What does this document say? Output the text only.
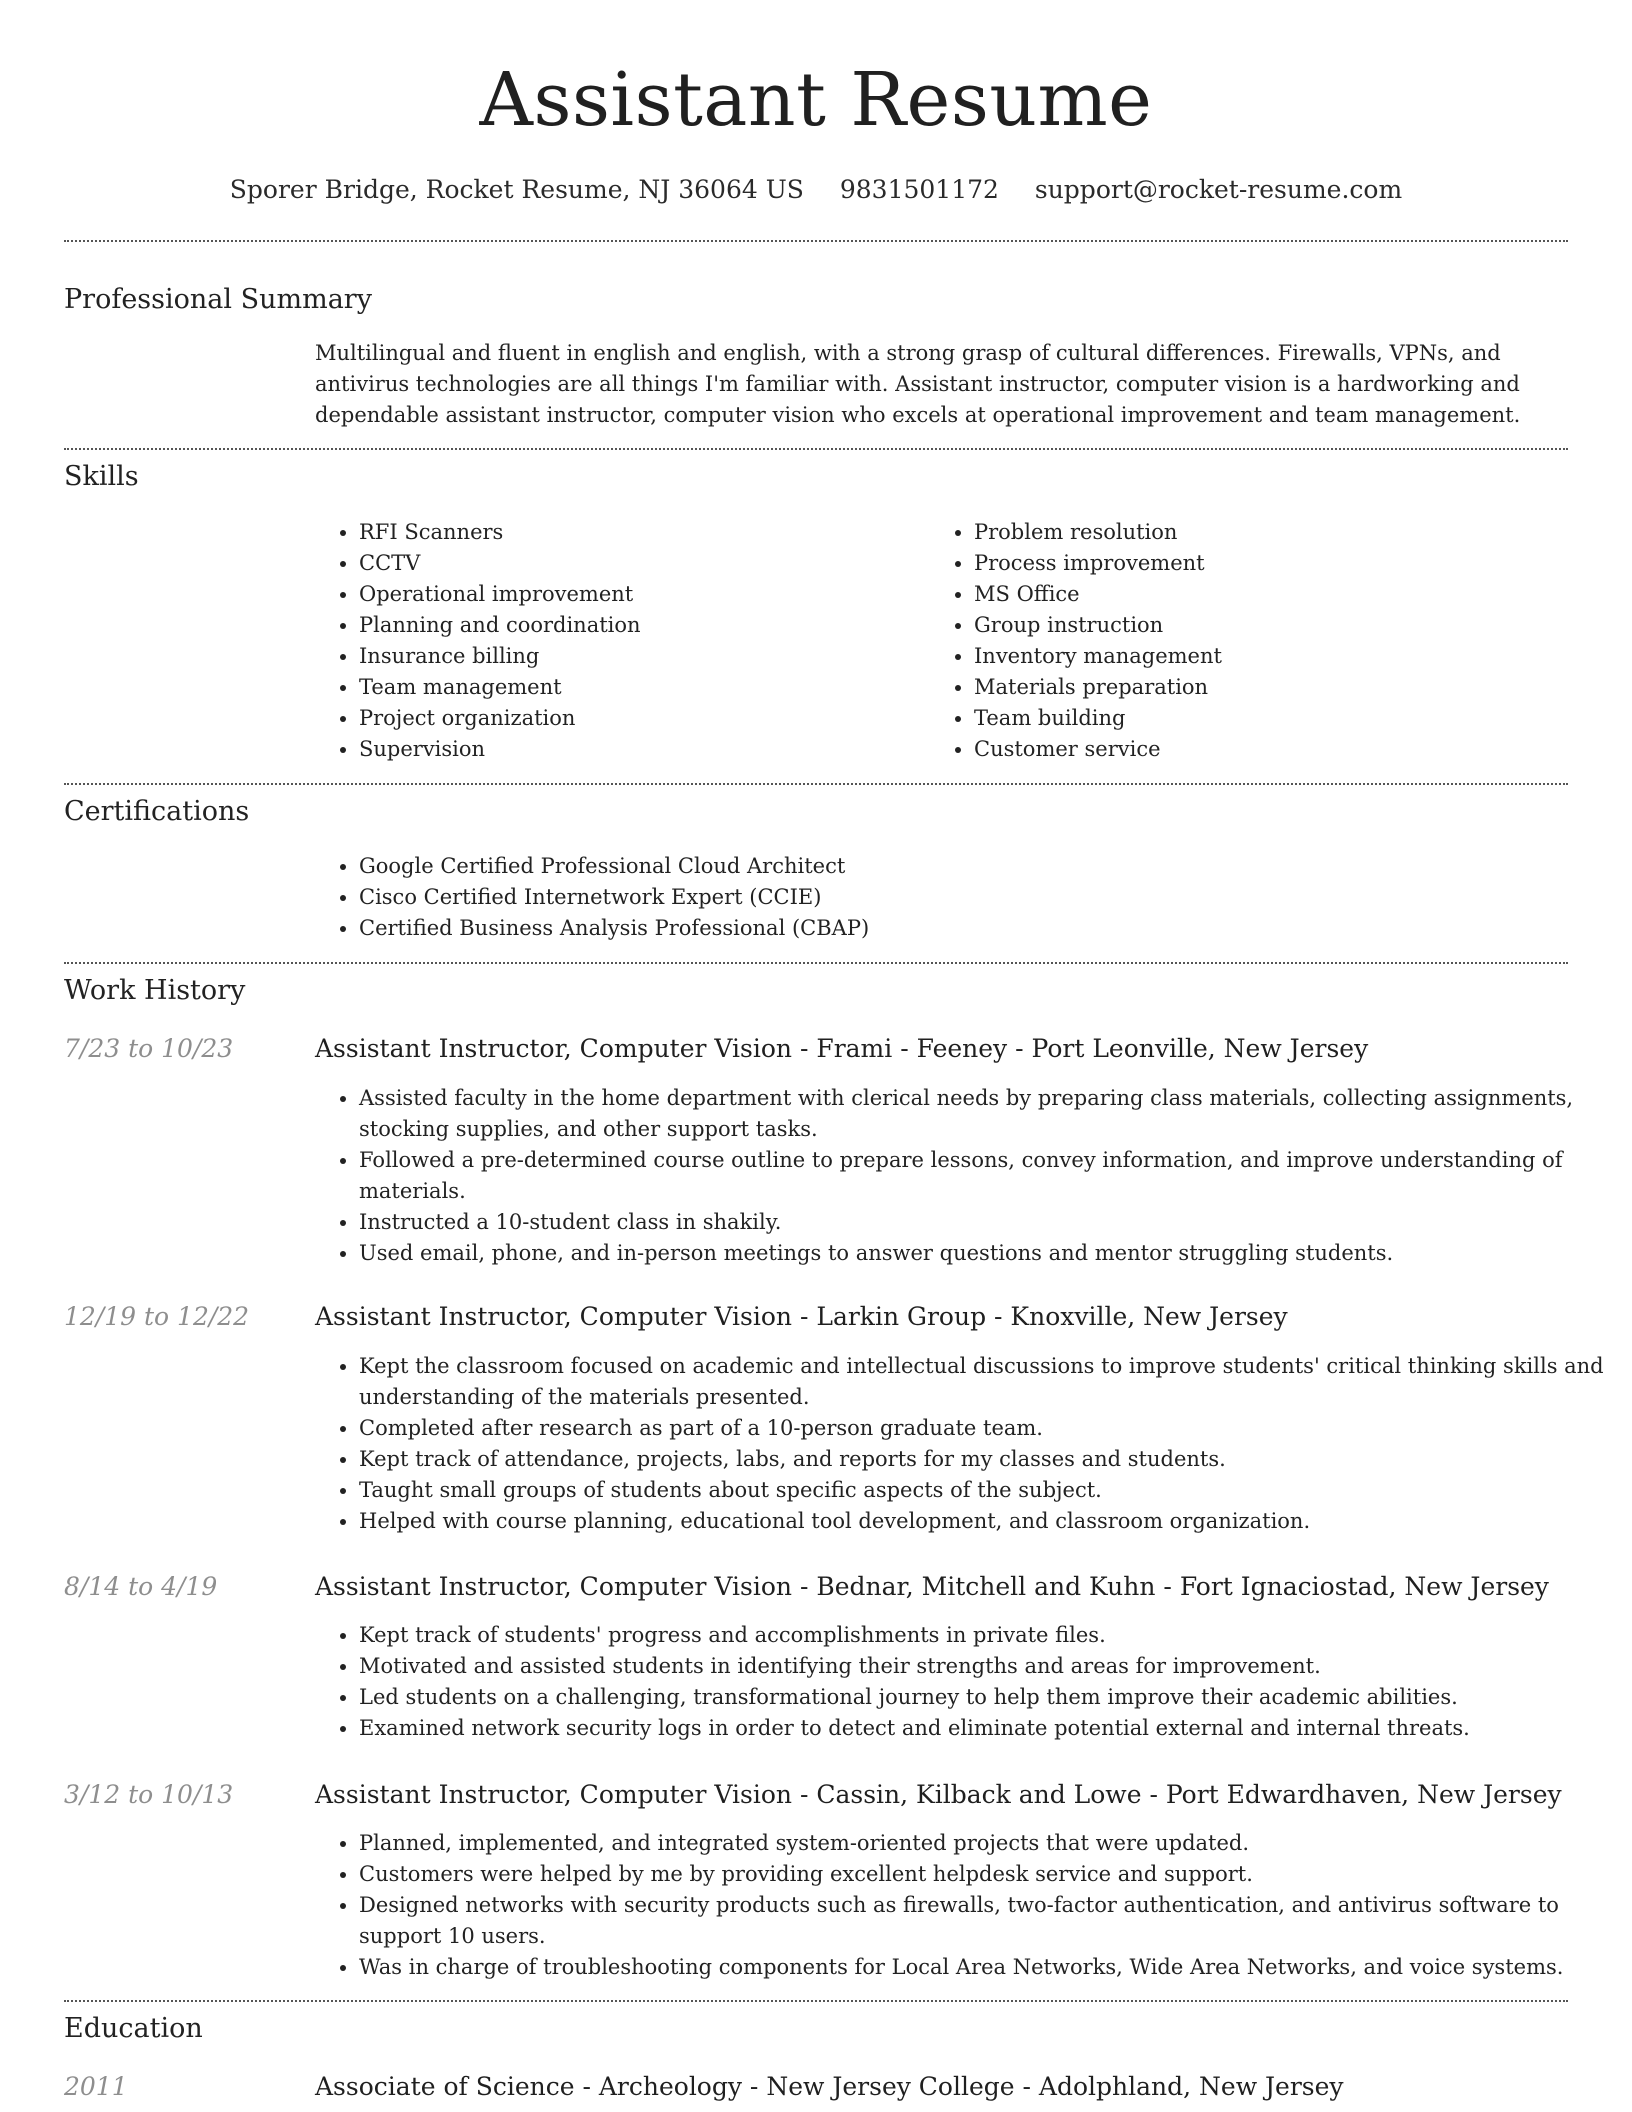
Assistant Resume
Sporer Bridge, Rocket Resume, NJ 36064 US 9831501172 support@rocket-resume.com
Professional Summary
Multilingual and fluent in english and english, with a strong grasp of cultural differences. Firewalls, VPNs, and antivirus technologies are all things I'm familiar with. Assistant instructor, computer vision is a hardworking and dependable assistant instructor, computer vision who excels at operational improvement and team management.
Skills
• RFI Scanners
• CCTV
• Operational improvement
• Planning and coordination
• Insurance billing
• Team management
• Project organization
• Supervision
• Problem resolution
• Process improvement
• MS Office
• Group instruction
• Inventory management
• Materials preparation
• Team building
• Customer service
Certifications
• Google Certified Professional Cloud Architect
• Cisco Certified Internetwork Expert (CCIE)
• Certified Business Analysis Professional (CBAP)
Work History
7/23 to 10/23	Assistant Instructor, Computer Vision - Frami - Feeney - Port Leonville, New Jersey
• Assisted faculty in the home department with clerical needs by preparing class materials, collecting assignments, stocking supplies, and other support tasks.
• Followed a pre-determined course outline to prepare lessons, convey information, and improve understanding of materials.
• Instructed a 10-student class in shakily.
• Used email, phone, and in-person meetings to answer questions and mentor struggling students.
12/19 to 12/22	Assistant Instructor, Computer Vision - Larkin Group - Knoxville, New Jersey
• Kept the classroom focused on academic and intellectual discussions to improve students' critical thinking skills and understanding of the materials presented.
• Completed after research as part of a 10-person graduate team.
• Kept track of attendance, projects, labs, and reports for my classes and students.
• Taught small groups of students about specific aspects of the subject.
• Helped with course planning, educational tool development, and classroom organization.
8/14 to 4/19	Assistant Instructor, Computer Vision - Bednar, Mitchell and Kuhn - Fort Ignaciostad, New Jersey
• Kept track of students' progress and accomplishments in private files.
• Motivated and assisted students in identifying their strengths and areas for improvement.
• Led students on a challenging, transformational journey to help them improve their academic abilities.
• Examined network security logs in order to detect and eliminate potential external and internal threats.
3/12 to 10/13	Assistant Instructor, Computer Vision - Cassin, Kilback and Lowe - Port Edwardhaven, New Jersey
• Planned, implemented, and integrated system-oriented projects that were updated.
• Customers were helped by me by providing excellent helpdesk service and support.
• Designed networks with security products such as firewalls, two-factor authentication, and antivirus software to support 10 users.
• Was in charge of troubleshooting components for Local Area Networks, Wide Area Networks, and voice systems.
Education
2011	Associate of Science - Archeology - New Jersey College - Adolphland, New Jersey
